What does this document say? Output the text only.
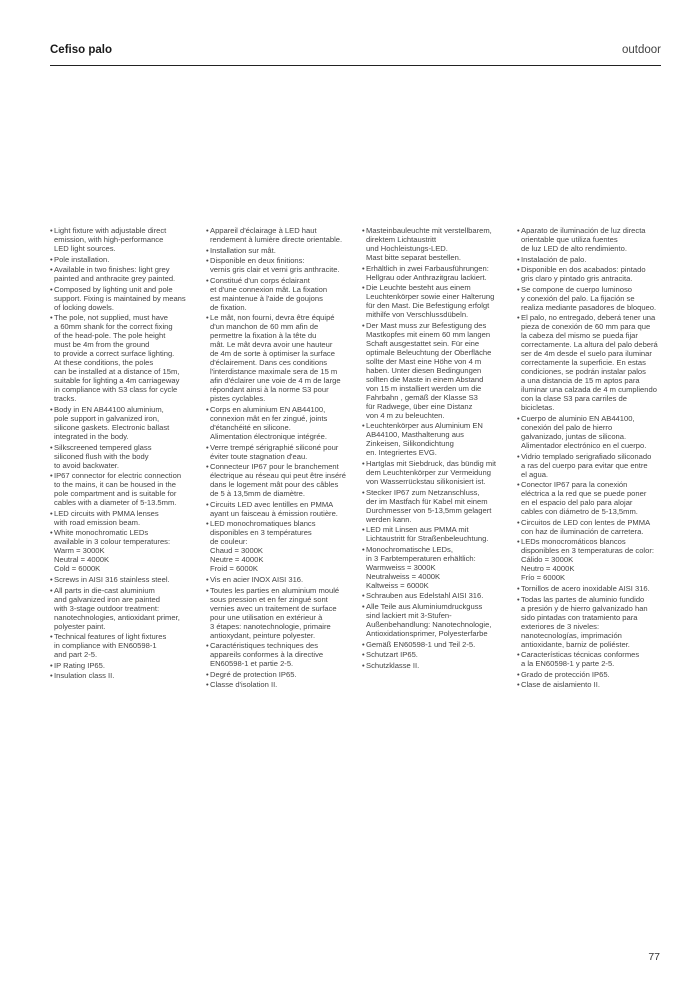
Cefiso palo	outdoor
• Light fixture with adjustable direct
emission, with high-performance
LED light sources.
• Pole installation.
• Available in two finishes: light grey
painted and anthracite grey painted.
• Composed by lighting unit and pole
support. Fixing is maintained by means
of locking dowels.
• The pole, not supplied, must have
a 60mm shank for the correct fixing
of the head-pole. The pole height
must be 4m from the ground
to provide a correct surface lighting.
At these conditions, the poles
can be installed at a distance of 15m,
suitable for lighting a 4m carriageway
in compliance with S3 class for cycle
tracks.
• Body in EN AB44100 aluminium,
pole support in galvanized iron,
silicone gaskets. Electronic ballast
integrated in the body.
• Silkscreened tempered glass
siliconed flush with the body
to avoid backwater.
• IP67 connector for electric connection
to the mains, it can be housed in the
pole compartment and is suitable for
cables with a diameter of 5-13.5mm.
• LED circuits with PMMA lenses
with road emission beam.
• White monochromatic LEDs
available in 3 colour temperatures:
Warm = 3000K
Neutral = 4000K
Cold = 6000K
• Screws in AISI 316 stainless steel.
• All parts in die-cast aluminium
and galvanized iron are painted
with 3-stage outdoor treatment:
nanotechnologies, antioxidant primer,
polyester paint.
• Technical features of light fixtures
in compliance with EN60598-1
and part 2-5.
• IP Rating IP65.
• Insulation class II.
• Appareil d'éclairage à LED haut
rendement à lumière directe orientable.
• Installation sur mât.
• Disponible en deux finitions:
vernis gris clair et verni gris anthracite.
• Constitué d'un corps éclairant
et d'une connexion mât. La fixation
est maintenue à l'aide de goujons
de fixation.
• Le mât, non fourni, devra être équipé
d'un manchon de 60 mm afin de
permettre la fixation à la tête du
mât. Le mât devra avoir une hauteur
de 4m de sorte à optimiser la surface
d'éclairement. Dans ces conditions
l'interdistance maximale sera de 15 m
afin d'éclairer une voie de 4 m de large
répondant ainsi à la norme S3 pour
pistes cyclables.
• Corps en aluminium EN AB44100,
connexion mât en fer zingué, joints
d'étanchéité en silicone.
Alimentation électronique intégrée.
• Verre trempé sérigraphié siliconé pour
éviter toute stagnation d'eau.
• Connecteur IP67 pour le branchement
électrique au réseau qui peut être inséré
dans le logement mât pour des câbles
de 5 à 13,5mm de diamètre.
• Circuits LED avec lentilles en PMMA
ayant un faisceau à émission routière.
• LED monochromatiques blancs
disponibles en 3 températures
de couleur:
Chaud = 3000K
Neutre = 4000K
Froid = 6000K
• Vis en acier INOX AISI 316.
• Toutes les parties en aluminium moulé
sous pression et en fer zingué sont
vernies avec un traitement de surface
pour une utilisation en extérieur à
3 étapes: nanotechnologie, primaire
antioxydant, peinture polyester.
• Caractéristiques techniques des
appareils conformes à la directive
EN60598-1 et partie 2-5.
• Degré de protection IP65.
• Classe d'isolation II.
• Masteinbauleuchte mit verstellbarem,
direktem Lichtaustritt
und Hochleistungs-LED.
Mast bitte separat bestellen.
• Erhältlich in zwei Farbausführungen:
Hellgrau oder Anthrazitgrau lackiert.
• Die Leuchte besteht aus einem
Leuchtenkörper sowie einer Halterung
für den Mast. Die Befestigung erfolgt
mithilfe von Verschlussdübeln.
• Der Mast muss zur Befestigung des
Mastkopfes mit einem 60 mm langen
Schaft ausgestattet sein. Für eine
optimale Beleuchtung der Oberfläche
sollte der Mast eine Höhe von 4 m
haben. Unter diesen Bedingungen
sollten die Maste in einem Abstand
von 15 m installiert werden um die
Fahrbahn , gemäß der Klasse S3
für Radwege, über eine Distanz
von 4 m zu beleuchten.
• Leuchtenkörper aus Aluminium EN
AB44100, Masthalterung aus
Zinkeisen, Silikondichtung
en. Integriertes EVG.
• Hartglas mit Siebdruck, das bündig mit
dem Leuchtenkörper zur Vermeidung
von Wasserrückstau silikonisiert ist.
• Stecker IP67 zum Netzanschluss,
der im Mastfach für Kabel mit einem
Durchmesser von 5-13,5mm gelagert
werden kann.
• LED mit Linsen aus PMMA mit
Lichtaustritt für Straßenbeleuchtung.
• Monochromatische LEDs,
in 3 Farbtemperaturen erhältlich:
Warmweiss = 3000K
Neutralweiss = 4000K
Kaltweiss = 6000K
• Schrauben aus Edelstahl AISI 316.
• Alle Teile aus Aluminiumdruckguss
sind lackiert mit 3-Stufen-
Außenbehandlung: Nanotechnologie,
Antioxidationsprimer, Polyesterfarbe
• Gemäß EN60598-1 und Teil 2-5.
• Schutzart IP65.
• Schutzklasse II.
• Aparato de iluminación de luz directa
orientable que utiliza fuentes
de luz LED de alto rendimiento.
• Instalación de palo.
• Disponible en dos acabados: pintado
gris claro y pintado gris antracita.
• Se compone de cuerpo luminoso
y conexión del palo. La fijación se
realiza mediante pasadores de bloqueo.
• El palo, no entregado, deberá tener una
pieza de conexión de 60 mm para que
la cabeza del mismo se pueda fijar
correctamente. La altura del palo deberá
ser de 4m desde el suelo para iluminar
correctamente la superficie. En estas
condiciones, se podrán instalar palos
a una distancia de 15 m aptos para
iluminar una calzada de 4 m cumpliendo
con la clase S3 para carriles de bicicletas.
• Cuerpo de aluminio EN AB44100,
conexión del palo de hierro
galvanizado, juntas de silicona.
Alimentador electrónico en el cuerpo.
• Vidrio templado serigrafiado siliconado
a ras del cuerpo para evitar que entre
el agua.
• Conector IP67 para la conexión
eléctrica a la red que se puede poner
en el espacio del palo para alojar
cables con diámetro de 5-13,5mm.
• Circuitos de LED con lentes de PMMA
con haz de iluminación de carretera.
• LEDs monocromáticos blancos
disponibles en 3 temperaturas de color:
Cálido = 3000K
Neutro = 4000K
Frío = 6000K
• Tornillos de acero inoxidable AISI 316.
• Todas las partes de aluminio fundido
a presión y de hierro galvanizado han
sido pintadas con tratamiento para
exteriores de 3 niveles:
nanotecnologías, imprimación
antioxidante, barniz de poliéster.
• Características técnicas conformes
a la EN60598-1 y parte 2-5.
• Grado de protección IP65.
• Clase de aislamiento II.
77
